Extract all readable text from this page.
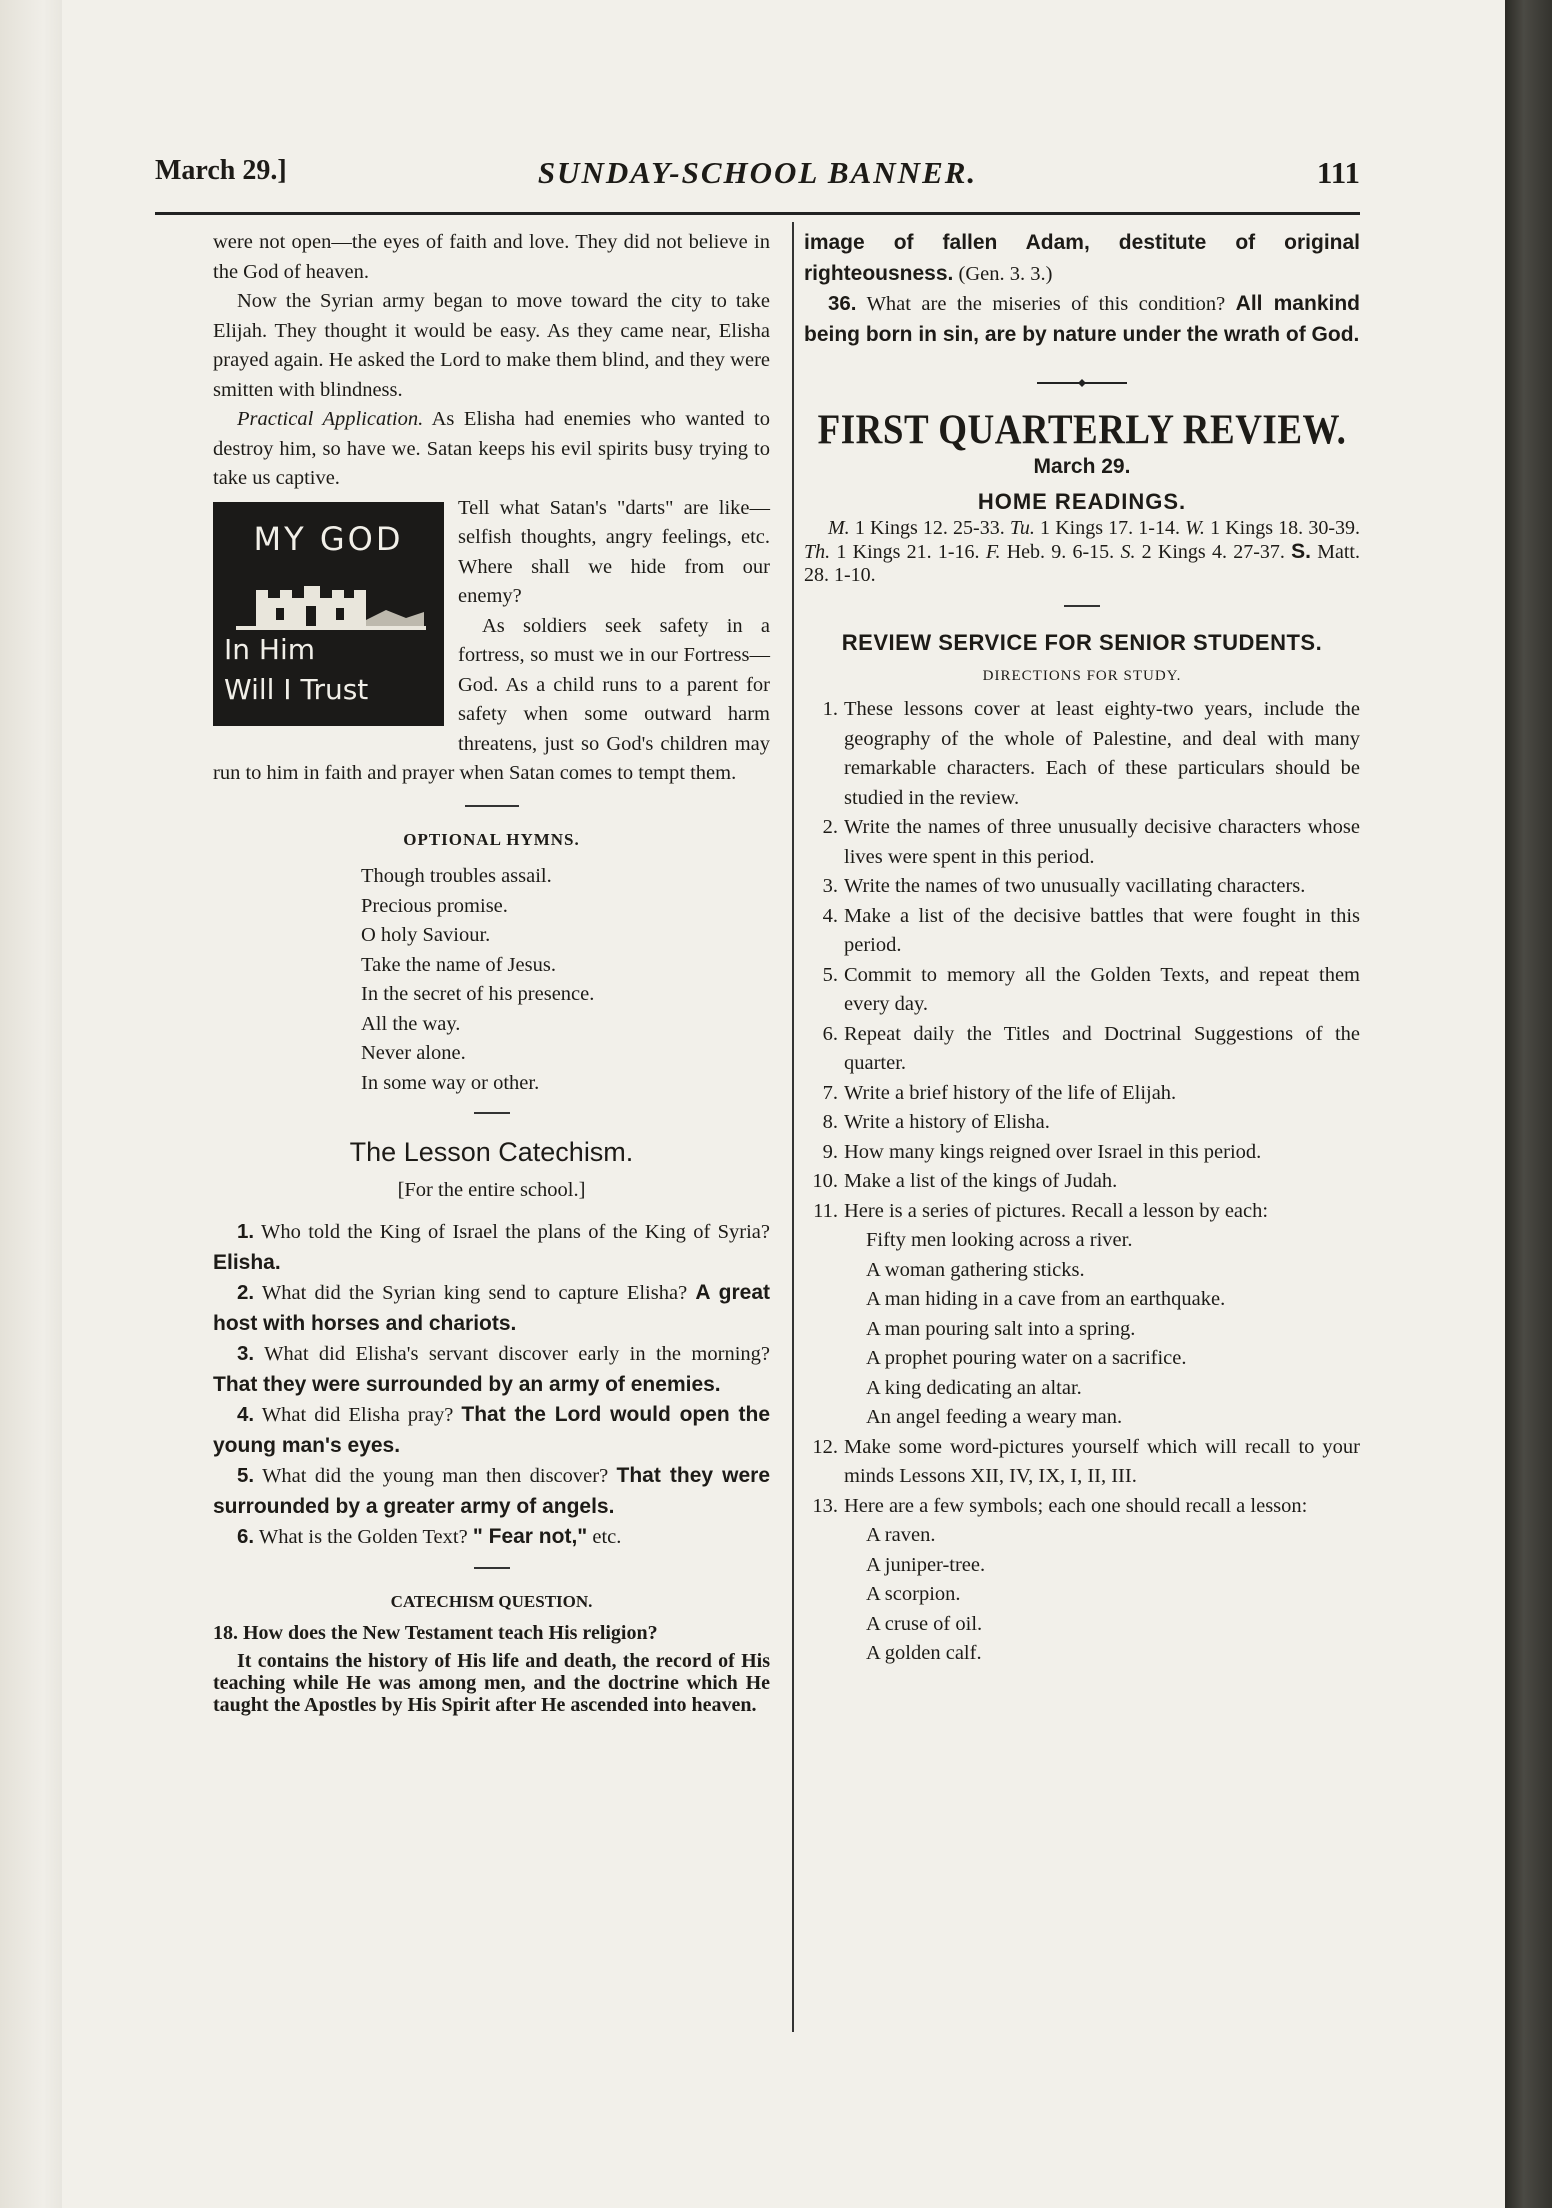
March 29.]	SUNDAY-SCHOOL BANNER.	111

were not open—the eyes of faith and love. They did not believe in the God of heaven.

Now the Syrian army began to move toward the city to take Elijah. They thought it would be easy. As they came near, Elisha prayed again. He asked the Lord to make them blind, and they were smitten with blindness.

Practical Application. As Elisha had enemies who wanted to destroy him, so have we. Satan keeps his evil spirits busy trying to take us captive.

MY GOD
In Him
Will I Trust

Tell what Satan's "darts" are like—selfish thoughts, angry feelings, etc. Where shall we hide from our enemy?

As soldiers seek safety in a fortress, so must we in our Fortress—God. As a child runs to a parent for safety when some outward harm threatens, just so God's children may run to him in faith and prayer when Satan comes to tempt them.

OPTIONAL HYMNS.
Though troubles assail.
Precious promise.
O holy Saviour.
Take the name of Jesus.
In the secret of his presence.
All the way.
Never alone.
In some way or other.
The Lesson Catechism.
[For the entire school.]

1. Who told the King of Israel the plans of the King of Syria? Elisha.

2. What did the Syrian king send to capture Elisha? A great host with horses and chariots.

3. What did Elisha's servant discover early in the morning? That they were surrounded by an army of enemies.

4. What did Elisha pray? That the Lord would open the young man's eyes.

5. What did the young man then discover? That they were surrounded by a greater army of angels.

6. What is the Golden Text? " Fear not," etc.

CATECHISM QUESTION.

18. How does the New Testament teach His religion?

It contains the history of His life and death, the record of His teaching while He was among men, and the doctrine which He taught the Apostles by His Spirit after He ascended into heaven.

image of fallen Adam, destitute of original righteousness. (Gen. 3. 3.)

36. What are the miseries of this condition? All mankind being born in sin, are by nature under the wrath of God.

FIRST QUARTERLY REVIEW.
March 29.
HOME READINGS.

M. 1 Kings 12. 25-33. Tu. 1 Kings 17. 1-14. W. 1 Kings 18. 30-39. Th. 1 Kings 21. 1-16. F. Heb. 9. 6-15. S. 2 Kings 4. 27-37. S. Matt. 28. 1-10.

REVIEW SERVICE FOR SENIOR STUDENTS.
DIRECTIONS FOR STUDY.
1. These lessons cover at least eighty-two years, include the geography of the whole of Palestine, and deal with many remarkable characters. Each of these particulars should be studied in the review.
2. Write the names of three unusually decisive characters whose lives were spent in this period.
3. Write the names of two unusually vacillating characters.
4. Make a list of the decisive battles that were fought in this period.
5. Commit to memory all the Golden Texts, and repeat them every day.
6. Repeat daily the Titles and Doctrinal Suggestions of the quarter.
7. Write a brief history of the life of Elijah.
8. Write a history of Elisha.
9. How many kings reigned over Israel in this period.
10. Make a list of the kings of Judah.
11. Here is a series of pictures. Recall a lesson by each:
Fifty men looking across a river.
A woman gathering sticks.
A man hiding in a cave from an earthquake.
A man pouring salt into a spring.
A prophet pouring water on a sacrifice.
A king dedicating an altar.
An angel feeding a weary man.
12. Make some word-pictures yourself which will recall to your minds Lessons XII, IV, IX, I, II, III.
13. Here are a few symbols; each one should recall a lesson:
A raven.
A juniper-tree.
A scorpion.
A cruse of oil.
A golden calf.
